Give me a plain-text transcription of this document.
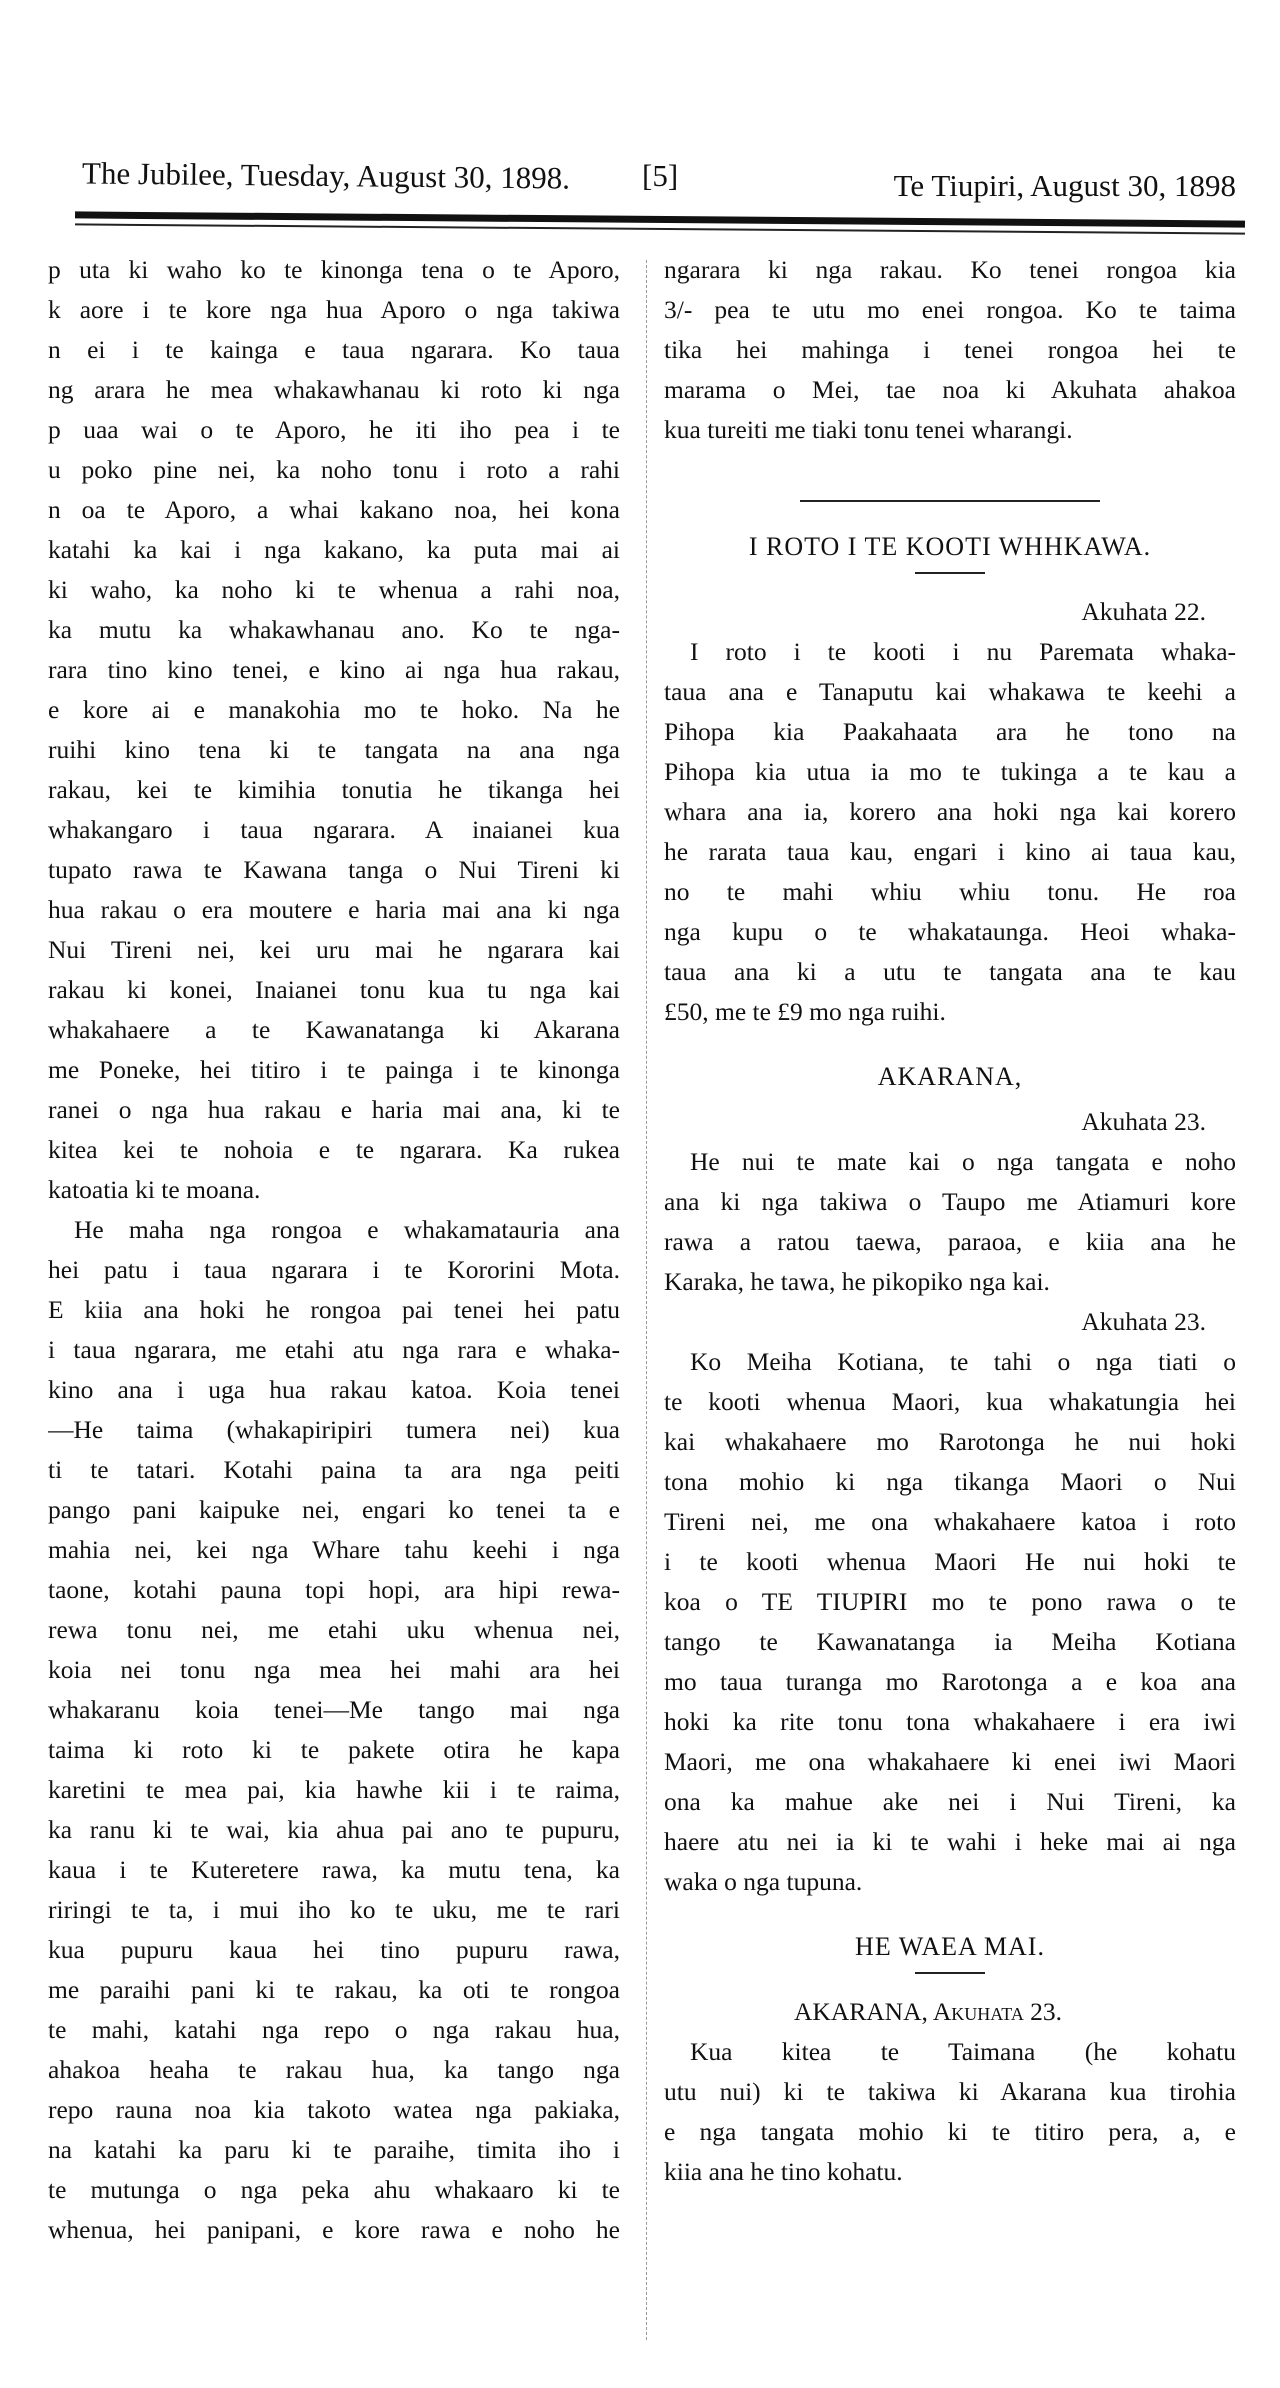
The Jubilee, Tuesday, August 30, 1898. [5]	Te Tiupiri, August 30, 1898
p uta ki waho ko te kinonga tena o te Aporo,
k aore i te kore nga hua Aporo o nga takiwa
n ei i te kainga e taua ngarara. Ko taua
ng arara he mea whakawhanau ki roto ki nga
p uaa wai o te Aporo, he iti iho pea i te
u poko pine nei, ka noho tonu i roto a rahi
n oa te Aporo, a whai kakano noa, hei kona
katahi ka kai i nga kakano, ka puta mai ai
ki waho, ka noho ki te whenua a rahi noa,
ka mutu ka whakawhanau ano. Ko te nga-
rara tino kino tenei, e kino ai nga hua rakau,
e kore ai e manakohia mo te hoko. Na he
ruihi kino tena ki te tangata na ana nga
rakau, kei te kimihia tonutia he tikanga hei
whakangaro i taua ngarara. A inaianei kua
tupato rawa te Kawana tanga o Nui Tireni ki
hua rakau o era moutere e haria mai ana ki nga
Nui Tireni nei, kei uru mai he ngarara kai
rakau ki konei, Inaianei tonu kua tu nga kai
whakahaere a te Kawanatanga ki Akarana
me Poneke, hei titiro i te painga i te kinonga
ranei o nga hua rakau e haria mai ana, ki te
kitea kei te nohoia e te ngarara. Ka rukea
katoatia ki te moana.
He maha nga rongoa e whakamatauria ana
hei patu i taua ngarara i te Kororini Mota.
E kiia ana hoki he rongoa pai tenei hei patu
i taua ngarara, me etahi atu nga rara e whaka-
kino ana i uga hua rakau katoa. Koia tenei
—He taima (whakapiripiri tumera nei) kua
ti te tatari. Kotahi paina ta ara nga peiti
pango pani kaipuke nei, engari ko tenei ta e
mahia nei, kei nga Whare tahu keehi i nga
taone, kotahi pauna topi hopi, ara hipi rewa-
rewa tonu nei, me etahi uku whenua nei,
koia nei tonu nga mea hei mahi ara hei
whakaranu koia tenei—Me tango mai nga
taima ki roto ki te pakete otira he kapa
karetini te mea pai, kia hawhe kii i te raima,
ka ranu ki te wai, kia ahua pai ano te pupuru,
kaua i te Kuteretere rawa, ka mutu tena, ka
riringi te ta, i mui iho ko te uku, me te rari
kua pupuru kaua hei tino pupuru rawa,
me paraihi pani ki te rakau, ka oti te rongoa
te mahi, katahi nga repo o nga rakau hua,
ahakoa heaha te rakau hua, ka tango nga
repo rauna noa kia takoto watea nga pakiaka,
na katahi ka paru ki te paraihe, timita iho i
te mutunga o nga peka ahu whakaaro ki te
whenua, hei panipani, e kore rawa e noho he
ngarara ki nga rakau. Ko tenei rongoa kia
3/- pea te utu mo enei rongoa. Ko te taima
tika hei mahinga i tenei rongoa hei te
marama o Mei, tae noa ki Akuhata ahakoa
kua tureiti me tiaki tonu tenei wharangi.
I ROTO I TE KOOTI WHHKAWA.
Akuhata 22.
I roto i te kooti i nu Paremata whaka-
taua ana e Tanaputu kai whakawa te keehi a
Pihopa kia Paakahaata ara he tono na
Pihopa kia utua ia mo te tukinga a te kau a
whara ana ia, korero ana hoki nga kai korero
he rarata taua kau, engari i kino ai taua kau,
no te mahi whiu whiu tonu. He roa
nga kupu o te whakataunga. Heoi whaka-
taua ana ki a utu te tangata ana te kau
£50, me te £9 mo nga ruihi.
AKARANA,
Akuhata 23.
He nui te mate kai o nga tangata e noho
ana ki nga takiwa o Taupo me Atiamuri kore
rawa a ratou taewa, paraoa, e kiia ana he
Karaka, he tawa, he pikopiko nga kai.
Akuhata 23.
Ko Meiha Kotiana, te tahi o nga tiati o
te kooti whenua Maori, kua whakatungia hei
kai whakahaere mo Rarotonga he nui hoki
tona mohio ki nga tikanga Maori o Nui
Tireni nei, me ona whakahaere katoa i roto
i te kooti whenua Maori He nui hoki te
koa o TE TIUPIRI mo te pono rawa o te
tango te Kawanatanga ia Meiha Kotiana
mo taua turanga mo Rarotonga a e koa ana
hoki ka rite tonu tona whakahaere i era iwi
Maori, me ona whakahaere ki enei iwi Maori
ona ka mahue ake nei i Nui Tireni, ka
haere atu nei ia ki te wahi i heke mai ai nga
waka o nga tupuna.
HE WAEA MAI.
AKARANA, Akuhata 23.
Kua kitea te Taimana (he kohatu
utu nui) ki te takiwa ki Akarana kua tirohia
e nga tangata mohio ki te titiro pera, a, e
kiia ana he tino kohatu.
